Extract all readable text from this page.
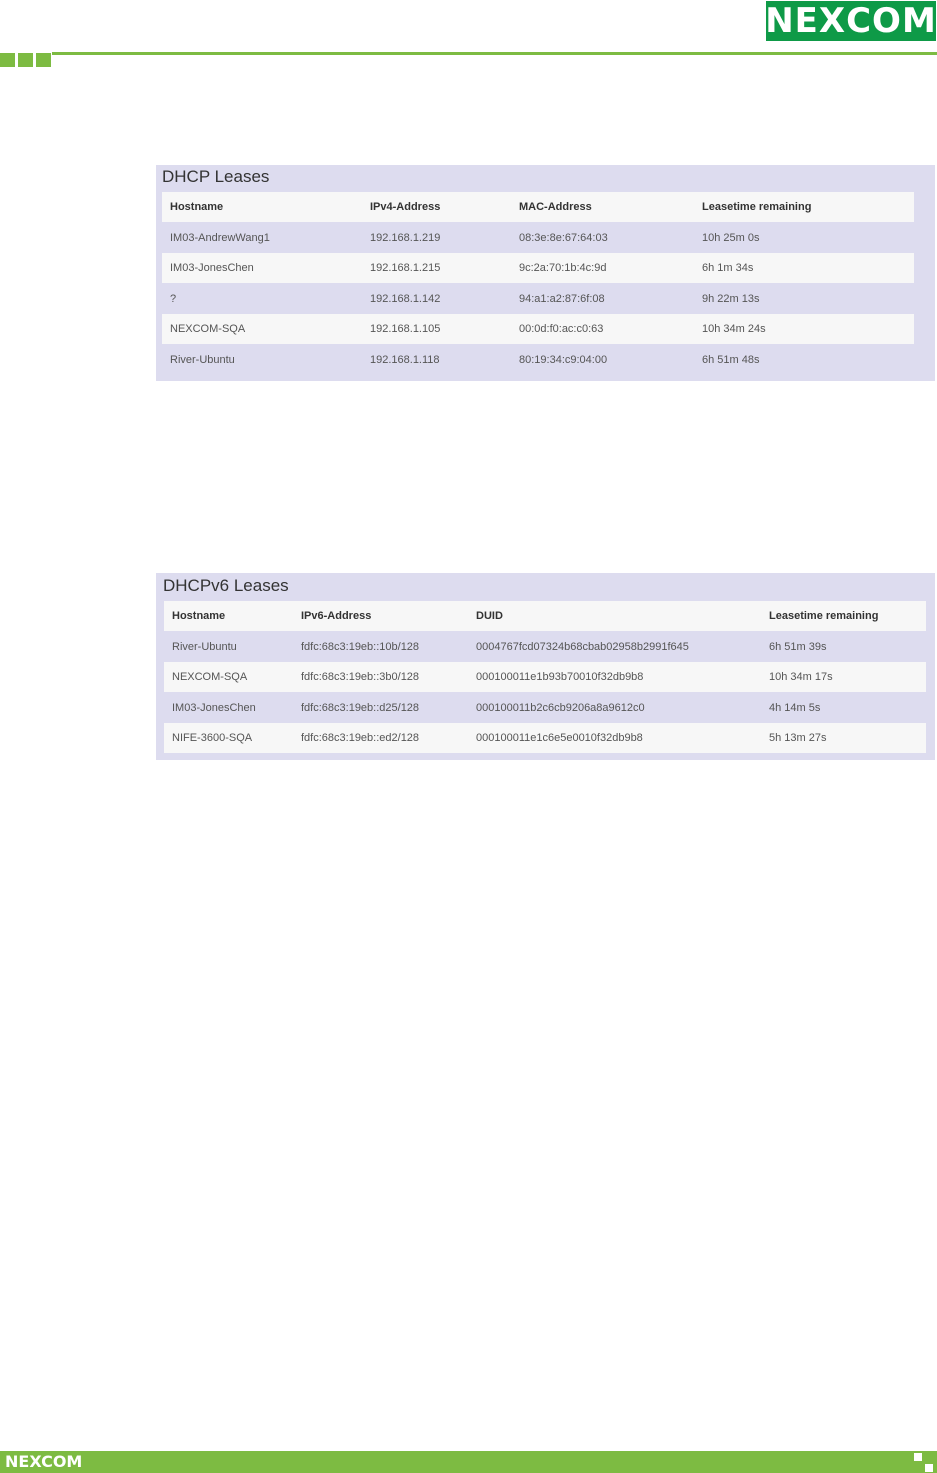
NE X COM
DHCP Leases
Hostname	IPv4-Address	MAC-Address	Leasetime remaining
IM03-AndrewWang1	192.168.1.219	08:3e:8e:67:64:03	10h 25m 0s
IM03-JonesChen	192.168.1.215	9c:2a:70:1b:4c:9d	6h 1m 34s
?	192.168.1.142	94:a1:a2:87:6f:08	9h 22m 13s
NEXCOM-SQA	192.168.1.105	00:0d:f0:ac:c0:63	10h 34m 24s
River-Ubuntu	192.168.1.118	80:19:34:c9:04:00	6h 51m 48s
DHCPv6 Leases
Hostname	IPv6-Address	DUID	Leasetime remaining
River-Ubuntu	fdfc:68c3:19eb::10b/128	0004767fcd07324b68cbab02958b2991f645	6h 51m 39s
NEXCOM-SQA	fdfc:68c3:19eb::3b0/128	000100011e1b93b70010f32db9b8	10h 34m 17s
IM03-JonesChen	fdfc:68c3:19eb::d25/128	000100011b2c6cb9206a8a9612c0	4h 14m 5s
NIFE-3600-SQA	fdfc:68c3:19eb::ed2/128	000100011e1c6e5e0010f32db9b8	5h 13m 27s
NEXCOM
